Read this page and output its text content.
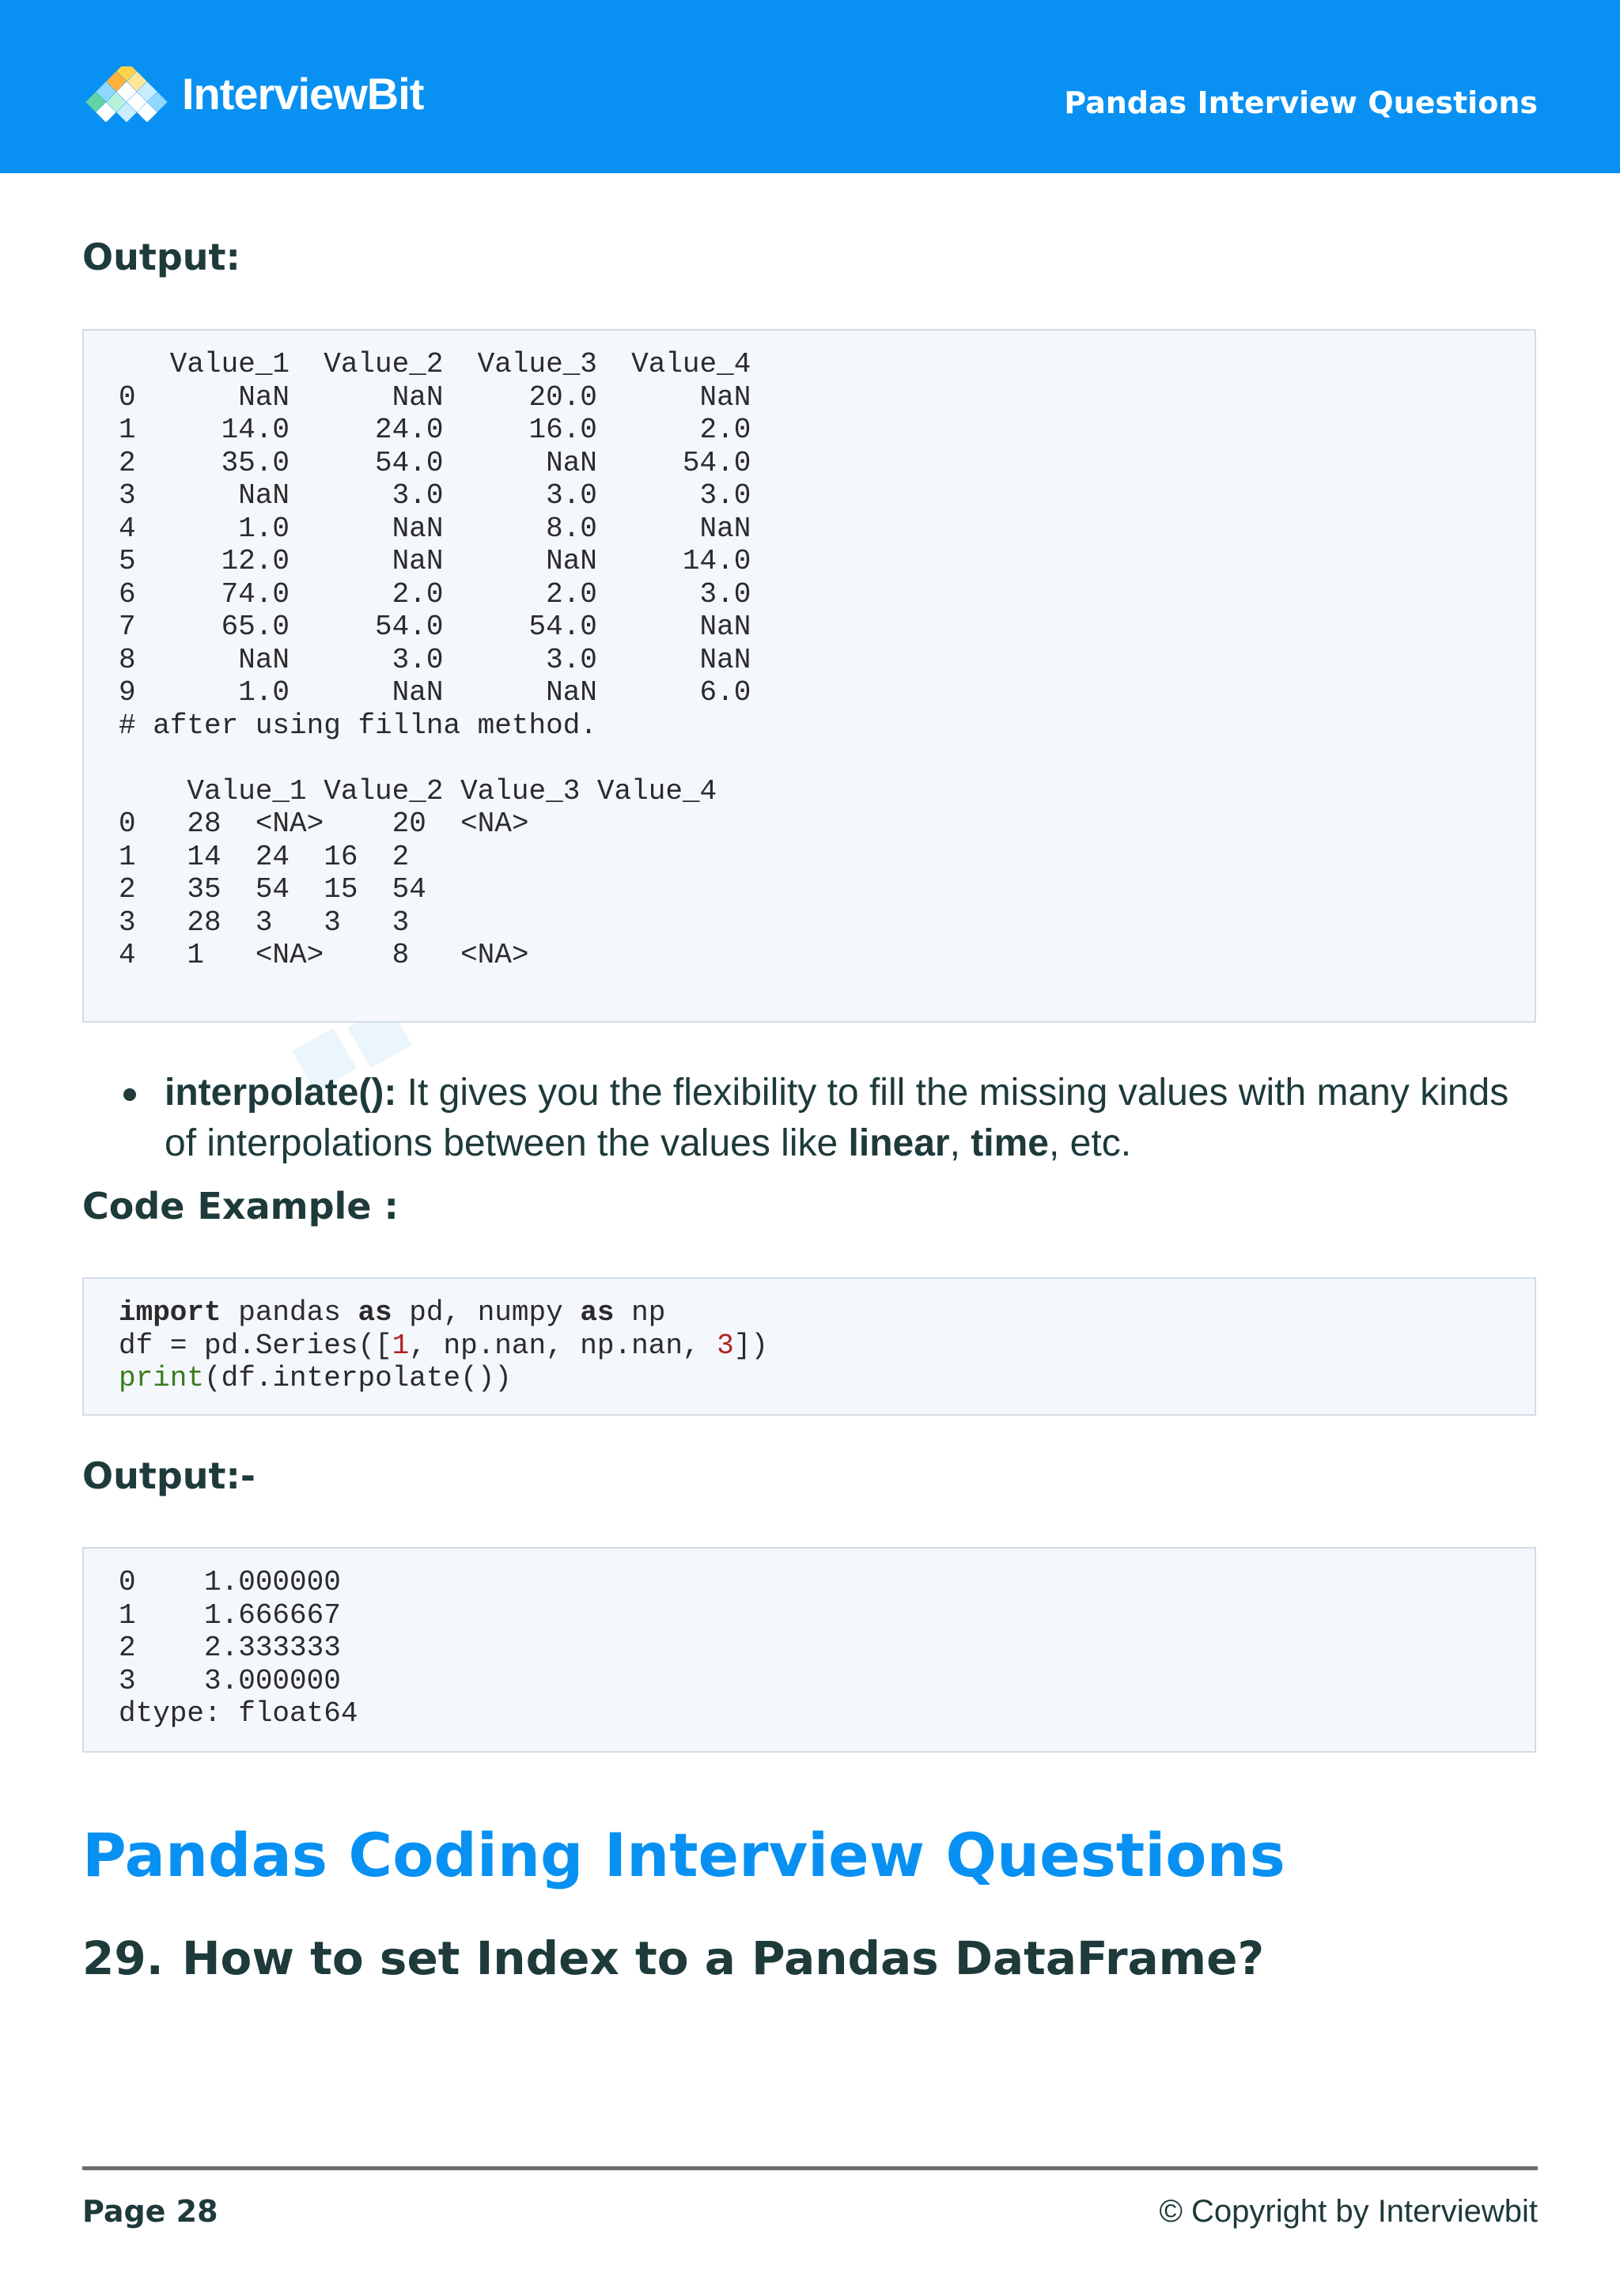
InterviewBit	Pandas Interview Questions
Output:
Value_1  Value_2  Value_3  Value_4
0      NaN      NaN     20.0      NaN
1     14.0     24.0     16.0      2.0
2     35.0     54.0      NaN     54.0
3      NaN      3.0      3.0      3.0
4      1.0      NaN      8.0      NaN
5     12.0      NaN      NaN     14.0
6     74.0      2.0      2.0      3.0
7     65.0     54.0     54.0      NaN
8      NaN      3.0      3.0      NaN
9      1.0      NaN      NaN      6.0
# after using fillna method.

Value_1 Value_2 Value_3 Value_4
0   28  <NA>    20  <NA>
1   14  24  16  2
2   35  54  15  54
3   28  3   3   3
4   1   <NA>    8   <NA>
interpolate(): It gives you the flexibility to fill the missing values with many kinds of interpolations between the values like linear, time, etc.
Code Example :
import pandas as pd, numpy as np
df = pd.Series([1, np.nan, np.nan, 3])
print(df.interpolate())
Output:-
0    1.000000
1    1.666667
2    2.333333
3    3.000000
dtype: float64
Pandas Coding Interview Questions
29. How to set Index to a Pandas DataFrame?
Page 28	© Copyright by Interviewbit
